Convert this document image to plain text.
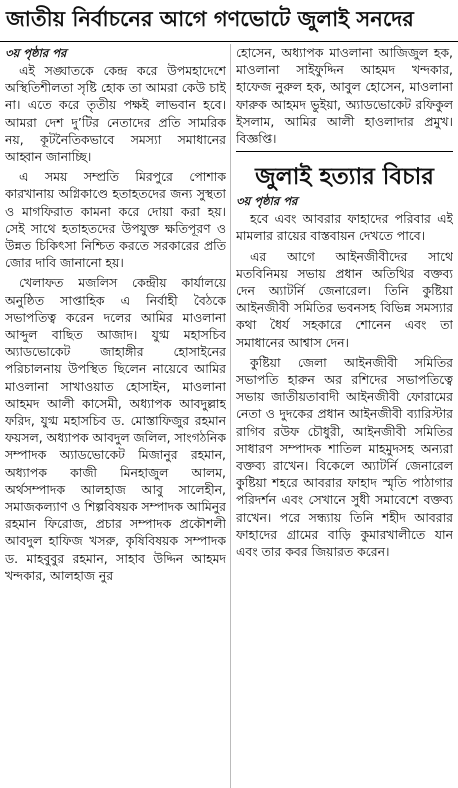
জাতীয় নির্বাচনের আগে গণভোটে জুলাই সনদের
৩য় পৃষ্ঠার পর

এই সঙ্ঘাতকে কেন্দ্র করে উপমহাদেশে অস্থিতিশীলতা সৃষ্টি হোক তা আমরা কেউ চাই না। এতে করে তৃতীয় পক্ষই লাভবান হবে। আমরা দেশ দু’টির নেতাদের প্রতি সামরিক নয়, কূটনৈতিকভাবে সমস্যা সমাধানের আহ্বান জানাচ্ছি।

এ সময় সম্প্রতি মিরপুরে পোশাক কারখানায় অগ্নিকাণ্ডে হতাহতদের জন্য সুস্থতা ও মাগফিরাত কামনা করে দোয়া করা হয়। সেই সাথে হতাহতদের উপযুক্ত ক্ষতিপূরণ ও উন্নত চিকিৎসা নিশ্চিত করতে সরকারের প্রতি জোর দাবি জানানো হয়।

খেলাফত মজলিস কেন্দ্রীয় কার্যালয়ে অনুষ্ঠিত সাপ্তাহিক এ নির্বাহী বৈঠকে সভাপতিত্ব করেন দলের আমির মাওলানা আব্দুল বাছিত আজাদ। যুগ্ম মহাসচিব অ্যাডভোকেট জাহাঙ্গীর হোসাইনের পরিচালনায় উপস্থিত ছিলেন নায়েবে আমির মাওলানা সাখাওয়াত হোসাইন, মাওলানা আহমদ আলী কাসেমী, অধ্যাপক আবদুল্লাহ ফরিদ, যুগ্ম মহাসচিব ড. মোস্তাফিজুর রহমান ফয়সল, অধ্যাপক আবদুল জলিল, সাংগঠনিক সম্পাদক অ্যাডভোকেট মিজানুর রহমান, অধ্যাপক কাজী মিনহাজুল আলম, অর্থসম্পাদক আলহাজ আবু সালেহীন, সমাজকল্যাণ ও শিল্পবিষয়ক সম্পাদক আমিনুর রহমান ফিরোজ, প্রচার সম্পাদক প্রকৌশলী আবদুল হাফিজ খসরু, কৃষিবিষয়ক সম্পাদক ড. মাহবুবুর রহমান, সাহাব উদ্দিন আহমদ খন্দকার, আলহাজ নুর

হোসেন, অধ্যাপক মাওলানা আজিজুল হক, মাওলানা সাইফুদ্দিন আহমদ খন্দকার, হাফেজ নুরুল হক, আবুল হোসেন, মাওলানা ফারুক আহমদ ভুইয়া, অ্যাডভোকেট রফিকুল ইসলাম, আমির আলী হাওলাদার প্রমুখ। বিজ্ঞপ্তি।

জুলাই হত্যার বিচার
৩য় পৃষ্ঠার পর

হবে এবং আবরার ফাহাদের পরিবার এই মামলার রায়ের বাস্তবায়ন দেখতে পাবে।

এর আগে আইনজীবীদের সাথে মতবিনিময় সভায় প্রধান অতিথির বক্তব্য দেন অ্যাটর্নি জেনারেল। তিনি কুষ্টিয়া আইনজীবী সমিতির ভবনসহ বিভিন্ন সমস্যার কথা ধৈর্য সহকারে শোনেন এবং তা সমাধানের আশ্বাস দেন।

কুষ্টিয়া জেলা আইনজীবী সমিতির সভাপতি হারুন অর রশিদের সভাপতিত্বে সভায় জাতীয়তাবাদী আইনজীবী ফোরামের নেতা ও দুদকের প্রধান আইনজীবী ব্যারিস্টার রাগিব রউফ চৌধুরী, আইনজীবী সমিতির সাধারণ সম্পাদক শাতিল মাহমুদসহ অন্যরা বক্তব্য রাখেন। বিকেলে অ্যাটর্নি জেনারেল কুষ্টিয়া শহরে আবরার ফাহাদ স্মৃতি পাঠাগার পরিদর্শন এবং সেখানে সুধী সমাবেশে বক্তব্য রাখেন। পরে সন্ধ্যায় তিনি শহীদ আবরার ফাহাদের গ্রামের বাড়ি কুমারখালীতে যান এবং তার কবর জিয়ারত করেন।
